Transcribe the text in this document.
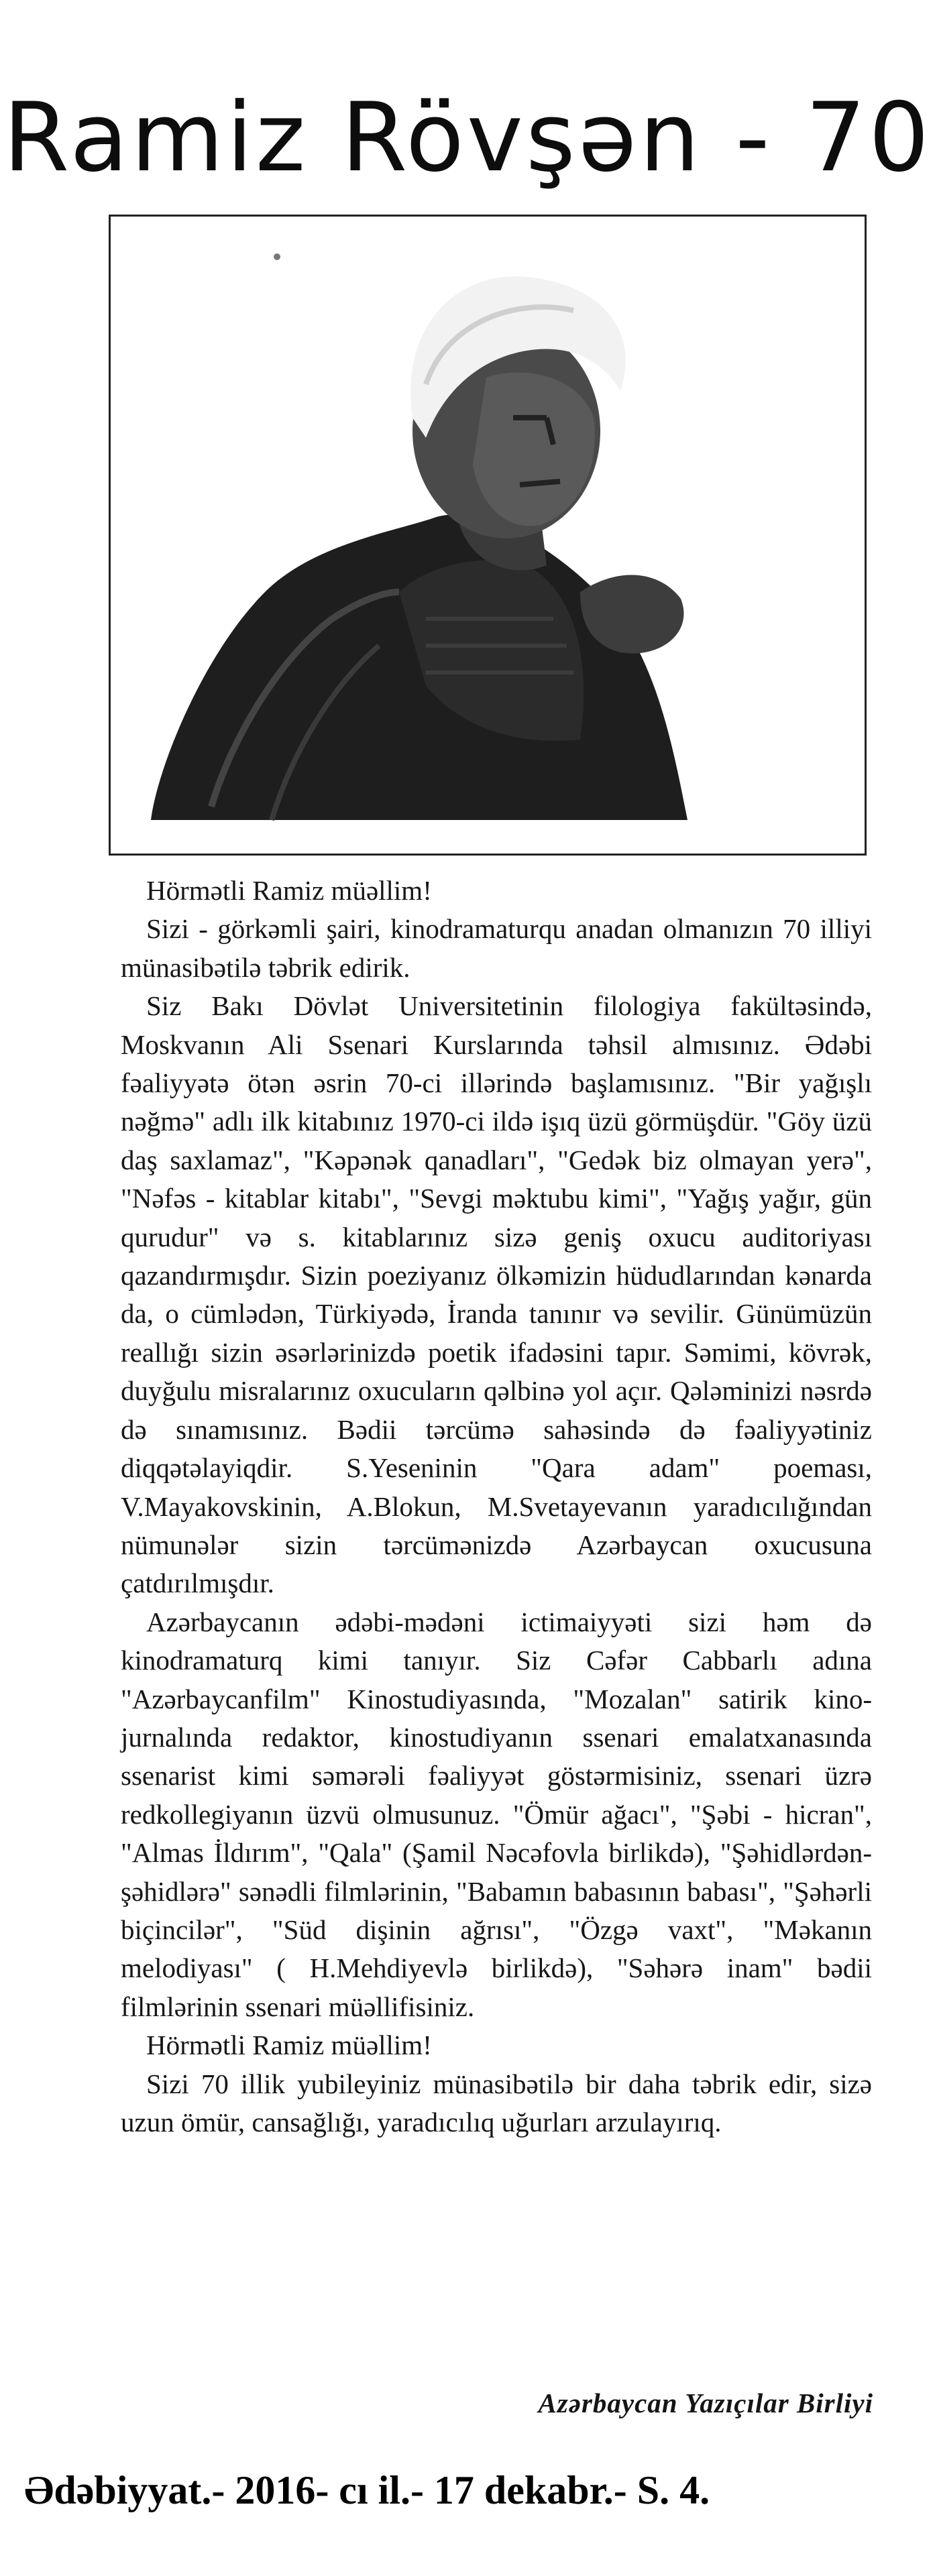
Ramiz Rövşən - 70

Hörmətli Ramiz müəllim!

Sizi - görkəmli şairi, kinodramaturqu anadan olmanızın 70 illiyi münasibətilə təbrik edirik.

Siz Bakı Dövlət Universitetinin filologiya fakültəsində, Moskvanın Ali Ssenari Kurslarında təhsil almısınız. Ədəbi fəaliyyətə ötən əsrin 70-ci illərində başlamısınız. "Bir yağışlı nəğmə" adlı ilk kitabınız 1970-ci ildə işıq üzü görmüşdür. "Göy üzü daş saxlamaz", "Kəpənək qanadları", "Gedək biz olmayan yerə", "Nəfəs - kitablar kitabı", "Sevgi məktubu kimi", "Yağış yağır, gün qurudur" və s. kitablarınız sizə geniş oxucu auditoriyası qazandırmışdır. Sizin poeziyanız ölkəmizin hüdudlarından kənarda da, o cümlədən, Türkiyədə, İranda tanınır və sevilir. Günümüzün reallığı sizin əsərlərinizdə poetik ifadəsini tapır. Səmimi, kövrək, duyğulu misralarınız oxucuların qəlbinə yol açır. Qələminizi nəsrdə də sınamısınız. Bədii tərcümə sahəsində də fəaliyyətiniz diqqətəlayiqdir. S.Yeseninin "Qara adam" poeması, V.Mayakovskinin, A.Blokun, M.Svetayevanın yaradıcılığından nümunələr sizin tərcümənizdə Azərbaycan oxucusuna çatdırılmışdır.

Azərbaycanın ədəbi-mədəni ictimaiyyəti sizi həm də kinodramaturq kimi tanıyır. Siz Cəfər Cabbarlı adına "Azərbaycanfilm" Kinostudiyasında, "Mozalan" satirik kino-jurnalında redaktor, kinostudiyanın ssenari emalatxanasında ssenarist kimi səmərəli fəaliyyət göstərmisiniz, ssenari üzrə redkollegiyanın üzvü olmusunuz. "Ömür ağacı", "Şəbi - hicran", "Almas İldırım", "Qala" (Şamil Nəcəfovla birlikdə), "Şəhidlərdən-şəhidlərə" sənədli filmlərinin, "Babamın babasının babası", "Şəhərli biçincilər", "Süd dişinin ağrısı", "Özgə vaxt", "Məkanın melodiyası" ( H.Mehdiyevlə birlikdə), "Səhərə inam" bədii filmlərinin ssenari müəllifisiniz.

Hörmətli Ramiz müəllim!

Sizi 70 illik yubileyiniz münasibətilə bir daha təbrik edir, sizə uzun ömür, cansağlığı, yaradıcılıq uğurları arzulayırıq.

Azərbaycan Yazıçılar Birliyi
Ədəbiyyat.- 2016- cı il.- 17 dekabr.- S. 4.
